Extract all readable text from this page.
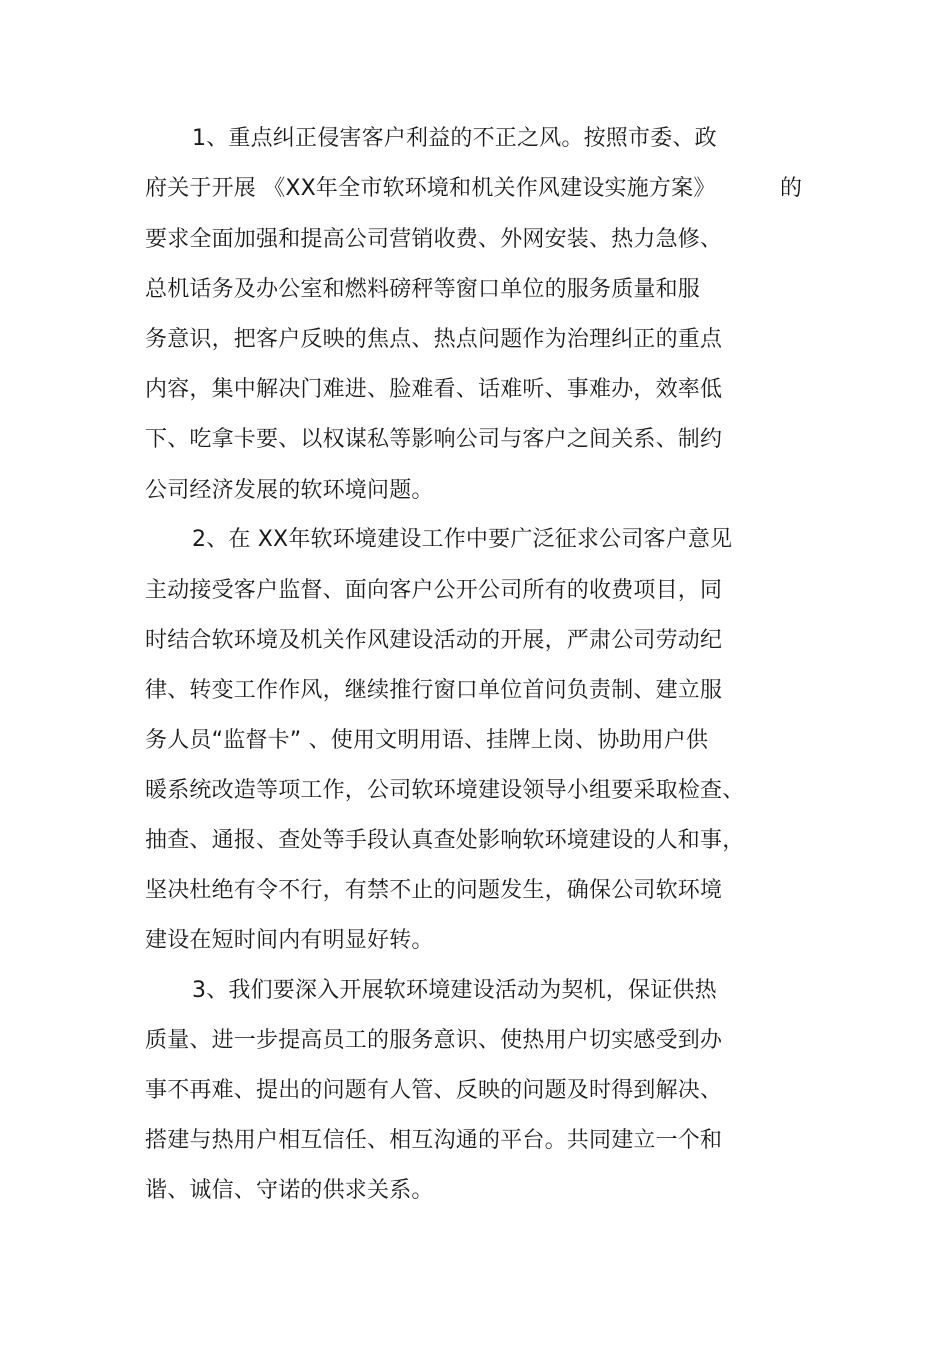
1、重点纠正侵害客户利益的不正之风。按照市委、政

府关于开展 《XX年全市软环境和机关作风建设实施方案》	的

要求全面加强和提高公司营销收费、外网安装、热力急修、

总机话务及办公室和燃料磅秤等窗口单位的服务质量和服

务意识，把客户反映的焦点、热点问题作为治理纠正的重点

内容，集中解决门难进、脸难看、话难听、事难办，效率低

下、吃拿卡要、以权谋私等影响公司与客户之间关系、制约

公司经济发展的软环境问题。

2、在 XX年软环境建设工作中要广泛征求公司客户意见

主动接受客户监督、面向客户公开公司所有的收费项目，同

时结合软环境及机关作风建设活动的开展，严肃公司劳动纪

律、转变工作作风，继续推行窗口单位首问负责制、建立服

务人员“监督卡” 、使用文明用语、挂牌上岗、协助用户供

暖系统改造等项工作，公司软环境建设领导小组要采取检查、

抽查、通报、查处等手段认真查处影响软环境建设的人和事，

坚决杜绝有令不行，有禁不止的问题发生，确保公司软环境

建设在短时间内有明显好转。

3、我们要深入开展软环境建设活动为契机，保证供热

质量、进一步提高员工的服务意识、使热用户切实感受到办

事不再难、提出的问题有人管、反映的问题及时得到解决、

搭建与热用户相互信任、相互沟通的平台。共同建立一个和

谐、诚信、守诺的供求关系。
